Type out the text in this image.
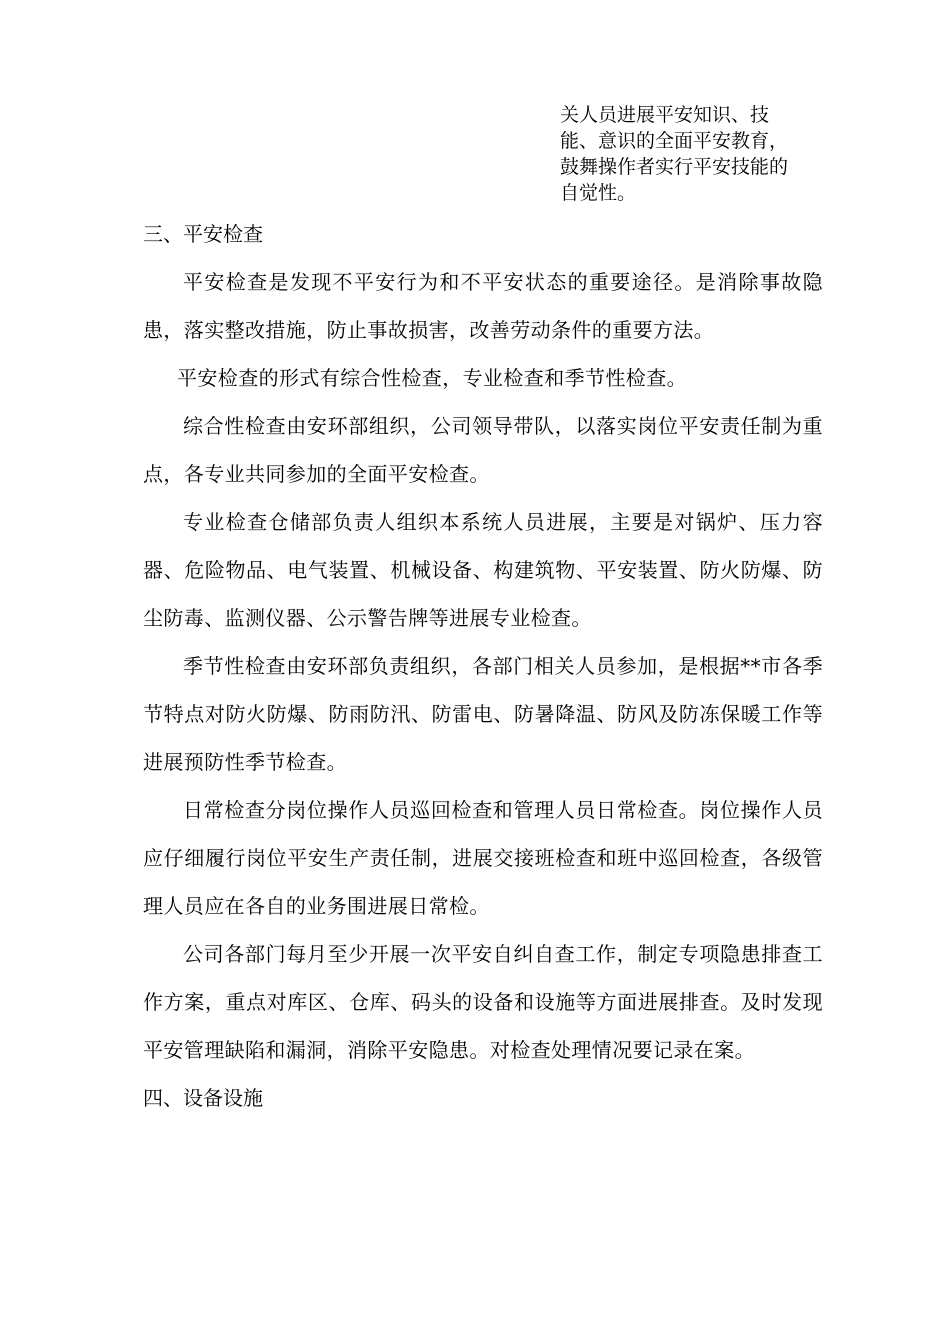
关人员进展平安知识、技
能、意识的全面平安教育，
鼓舞操作者实行平安技能的
自觉性。

三、平安检查

平安检查是发现不平安行为和不平安状态的重要途径。是消除事故隐患，落实整改措施，防止事故损害，改善劳动条件的重要方法。

平安检查的形式有综合性检查，专业检查和季节性检查。

综合性检查由安环部组织，公司领导带队，以落实岗位平安责任制为重点，各专业共同参加的全面平安检查。

专业检查仓储部负责人组织本系统人员进展，主要是对锅炉、压力容器、危险物品、电气装置、机械设备、构建筑物、平安装置、防火防爆、防尘防毒、监测仪器、公示警告牌等进展专业检查。

季节性检查由安环部负责组织，各部门相关人员参加，是根据**市各季节特点对防火防爆、防雨防汛、防雷电、防暑降温、防风及防冻保暖工作等进展预防性季节检查。

日常检查分岗位操作人员巡回检查和管理人员日常检查。岗位操作人员应仔细履行岗位平安生产责任制，进展交接班检查和班中巡回检查，各级管理人员应在各自的业务围进展日常检。

公司各部门每月至少开展一次平安自纠自查工作，制定专项隐患排查工作方案，重点对库区、仓库、码头的设备和设施等方面进展排查。及时发现平安管理缺陷和漏洞，消除平安隐患。对检查处理情况要记录在案。

四、设备设施
